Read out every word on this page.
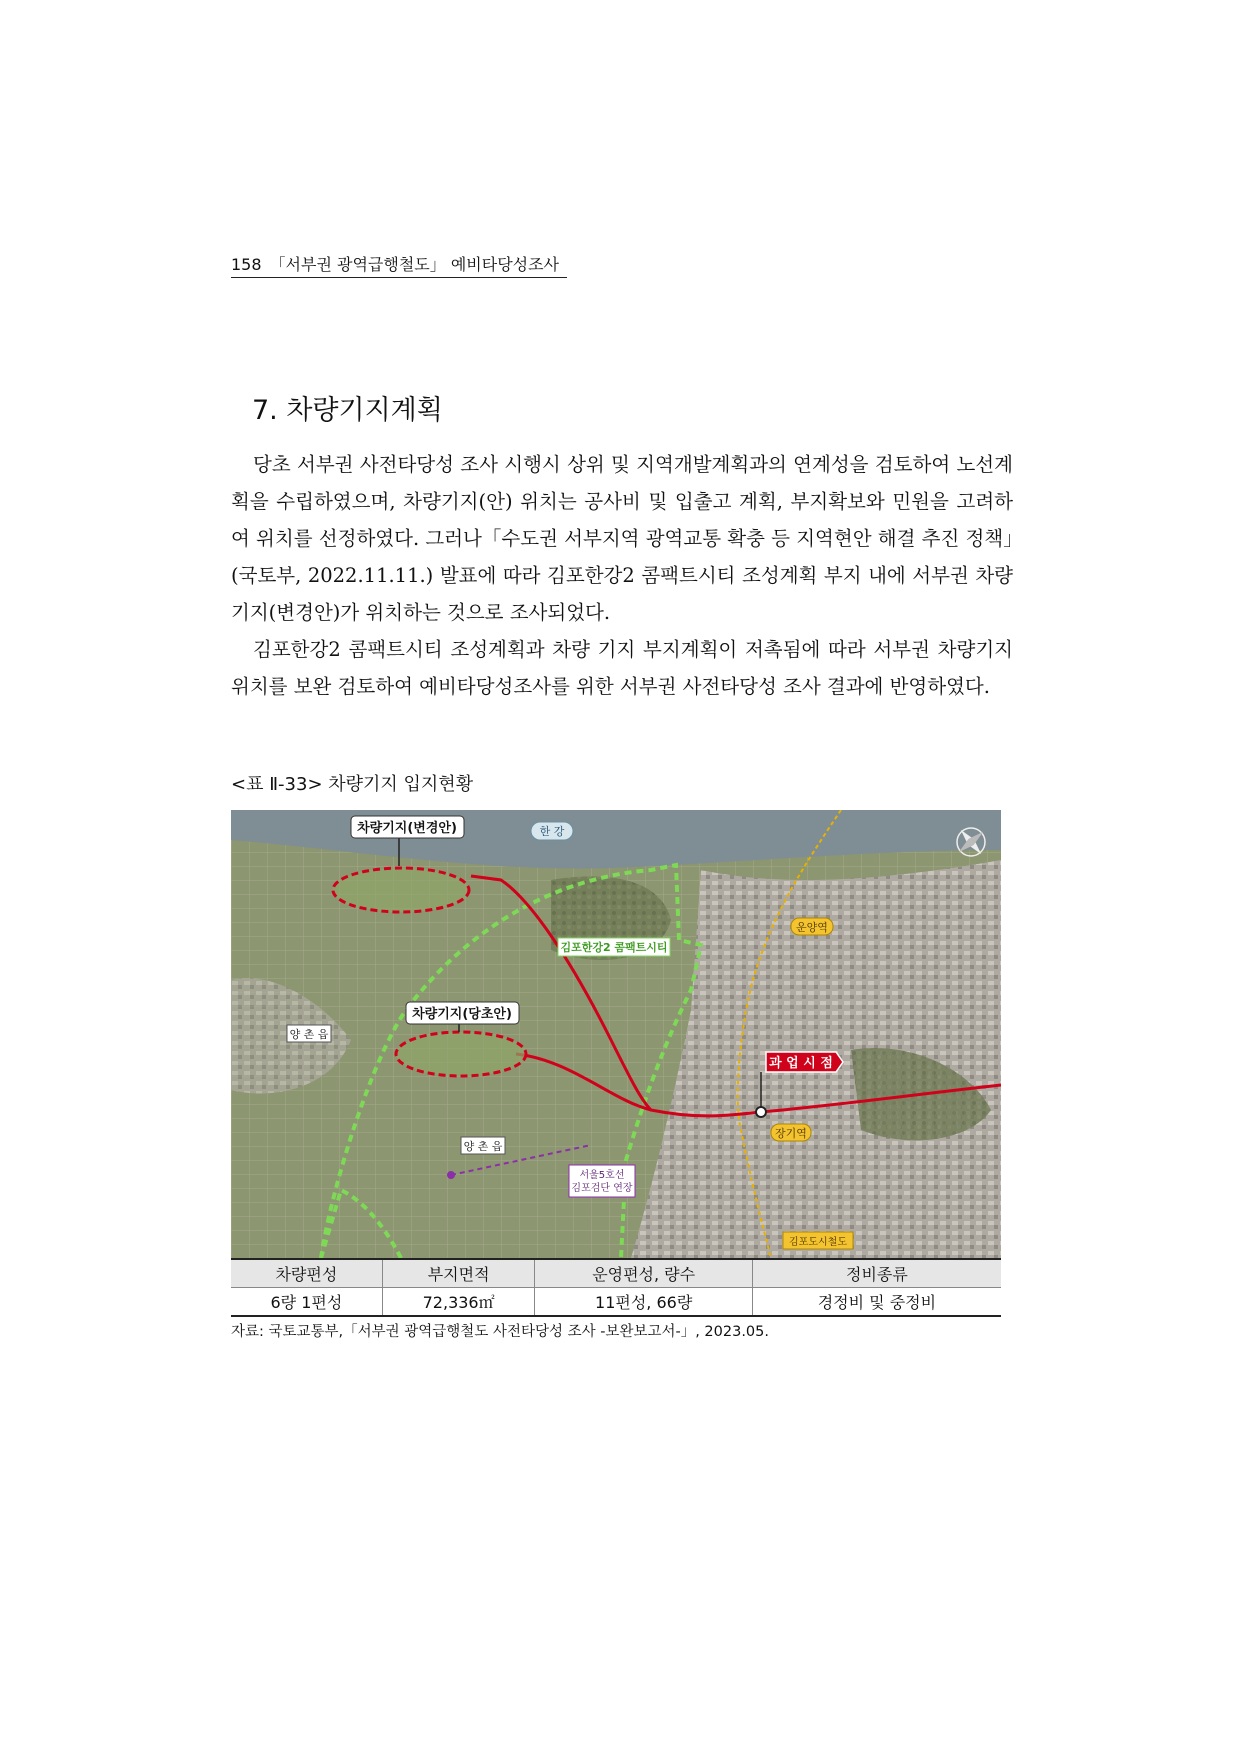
158 「서부권 광역급행철도」 예비타당성조사
7. 차량기지계획

당초 서부권 사전타당성 조사 시행시 상위 및 지역개발계획과의 연계성을 검토하여 노선계획을 수립하였으며, 차량기지(안) 위치는 공사비 및 입출고 계획, 부지확보와 민원을 고려하여 위치를 선정하였다. 그러나「수도권 서부지역 광역교통 확충 등 지역현안 해결 추진 정책」(국토부, 2022.11.11.) 발표에 따라 김포한강2 콤팩트시티 조성계획 부지 내에 서부권 차량기지(변경안)가 위치하는 것으로 조사되었다.

김포한강2 콤팩트시티 조성계획과 차량 기지 부지계획이 저촉됨에 따라 서부권 차량기지 위치를 보완 검토하여 예비타당성조사를 위한 서부권 사전타당성 조사 결과에 반영하였다.

<표 Ⅱ-33> 차량기지 입지현황
차량기지(변경안)
차량기지(당초안)
한 강
김포한강2 콤팩트시티
양 촌 읍
양 촌 읍
운양역
장기역
과 업 시 점
서울5호선
김포검단 연장
김포도시철도
차량편성	부지면적	운영편성, 량수	정비종류
6량 1편성	72,336㎡	11편성, 66량	경정비 및 중정비
자료: 국토교통부,「서부권 광역급행철도 사전타당성 조사 -보완보고서-」, 2023.05.
